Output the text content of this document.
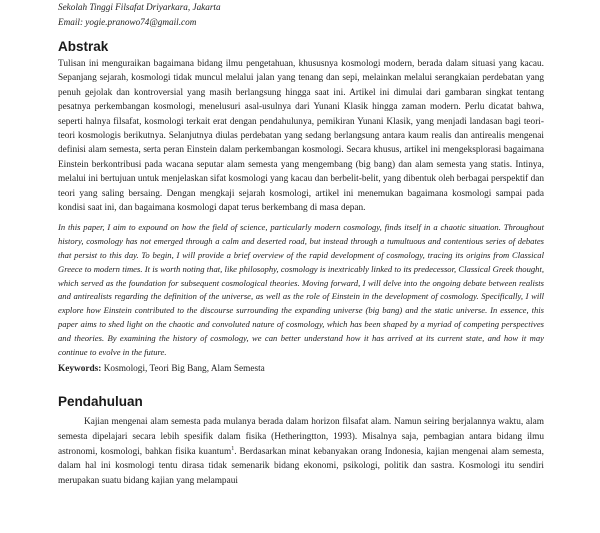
Sekolah Tinggi Filsafat Driyarkara, Jakarta

Email: yogie.pranowo74@gmail.com

Abstrak

Tulisan ini menguraikan bagaimana bidang ilmu pengetahuan, khususnya kosmologi modern, berada dalam situasi yang kacau. Sepanjang sejarah, kosmologi tidak muncul melalui jalan yang tenang dan sepi, melainkan melalui serangkaian perdebatan yang penuh gejolak dan kontroversial yang masih berlangsung hingga saat ini. Artikel ini dimulai dari gambaran singkat tentang pesatnya perkembangan kosmologi, menelusuri asal-usulnya dari Yunani Klasik hingga zaman modern. Perlu dicatat bahwa, seperti halnya filsafat, kosmologi terkait erat dengan pendahulunya, pemikiran Yunani Klasik, yang menjadi landasan bagi teori-teori kosmologis berikutnya. Selanjutnya diulas perdebatan yang sedang berlangsung antara kaum realis dan antirealis mengenai definisi alam semesta, serta peran Einstein dalam perkembangan kosmologi. Secara khusus, artikel ini mengeksplorasi bagaimana Einstein berkontribusi pada wacana seputar alam semesta yang mengembang (big bang) dan alam semesta yang statis. Intinya, melalui ini bertujuan untuk menjelaskan sifat kosmologi yang kacau dan berbelit-belit, yang dibentuk oleh berbagai perspektif dan teori yang saling bersaing. Dengan mengkaji sejarah kosmologi, artikel ini menemukan bagaimana kosmologi sampai pada kondisi saat ini, dan bagaimana kosmologi dapat terus berkembang di masa depan.

In this paper, I aim to expound on how the field of science, particularly modern cosmology, finds itself in a chaotic situation. Throughout history, cosmology has not emerged through a calm and deserted road, but instead through a tumultuous and contentious series of debates that persist to this day. To begin, I will provide a brief overview of the rapid development of cosmology, tracing its origins from Classical Greece to modern times. It is worth noting that, like philosophy, cosmology is inextricably linked to its predecessor, Classical Greek thought, which served as the foundation for subsequent cosmological theories. Moving forward, I will delve into the ongoing debate between realists and antirealists regarding the definition of the universe, as well as the role of Einstein in the development of cosmology. Specifically, I will explore how Einstein contributed to the discourse surrounding the expanding universe (big bang) and the static universe. In essence, this paper aims to shed light on the chaotic and convoluted nature of cosmology, which has been shaped by a myriad of competing perspectives and theories. By examining the history of cosmology, we can better understand how it has arrived at its current state, and how it may continue to evolve in the future.

Keywords: Kosmologi, Teori Big Bang, Alam Semesta

Pendahuluan

Kajian mengenai alam semesta pada mulanya berada dalam horizon filsafat alam. Namun seiring berjalannya waktu, alam semesta dipelajari secara lebih spesifik dalam fisika (Hetheringtton, 1993). Misalnya saja, pembagian antara bidang ilmu astronomi, kosmologi, bahkan fisika kuantum$^1$. Berdasarkan minat kebanyakan orang Indonesia, kajian mengenai alam semesta, dalam hal ini kosmologi tentu dirasa tidak semenarik bidang ekonomi, psikologi, politik dan sastra. Kosmologi itu sendiri merupakan suatu bidang kajian yang melampaui
